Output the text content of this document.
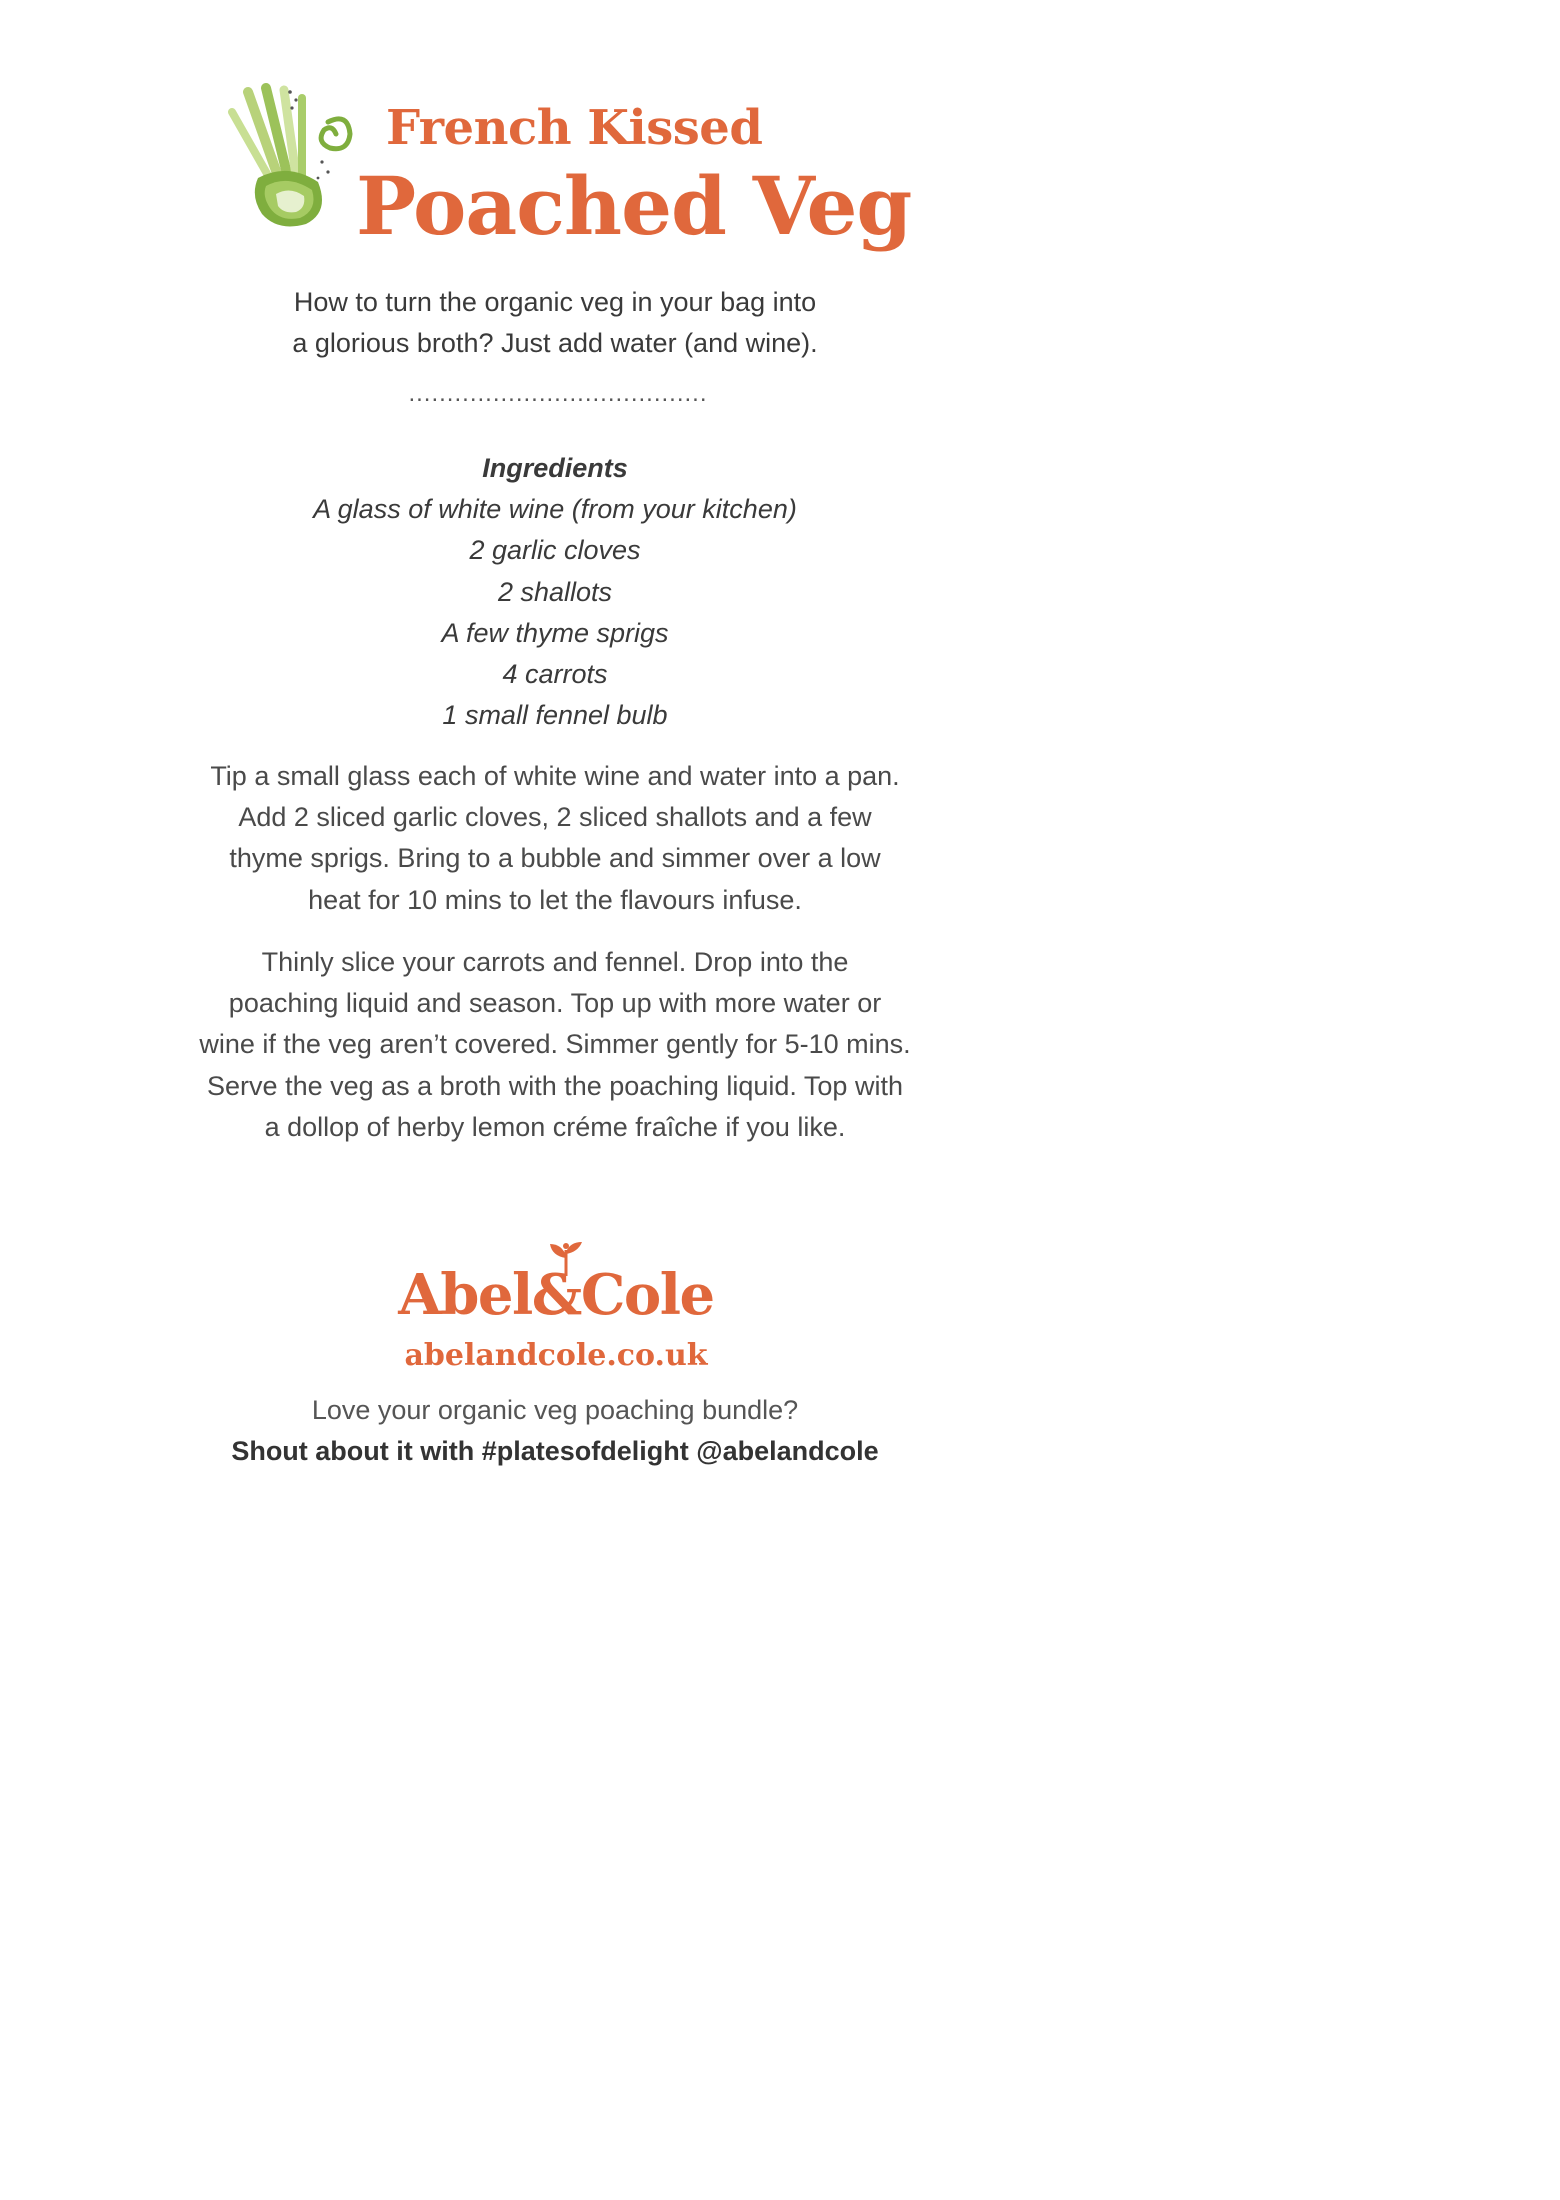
French Kissed
Poached Veg
How to turn the organic veg in your bag into
a glorious broth? Just add water (and wine).
.......................................
Ingredients
A glass of white wine (from your kitchen)
2 garlic cloves
2 shallots
A few thyme sprigs
4 carrots
1 small fennel bulb
Tip a small glass each of white wine and water into a pan.
Add 2 sliced garlic cloves, 2 sliced shallots and a few
thyme sprigs. Bring to a bubble and simmer over a low
heat for 10 mins to let the flavours infuse.
Thinly slice your carrots and fennel. Drop into the
poaching liquid and season. Top up with more water or
wine if the veg aren’t covered. Simmer gently for 5-10 mins.
Serve the veg as a broth with the poaching liquid. Top with
a dollop of herby lemon créme fraîche if you like.
Abel&Cole
abelandcole.co.uk
Love your organic veg poaching bundle?
Shout about it with #platesofdelight @abelandcole
